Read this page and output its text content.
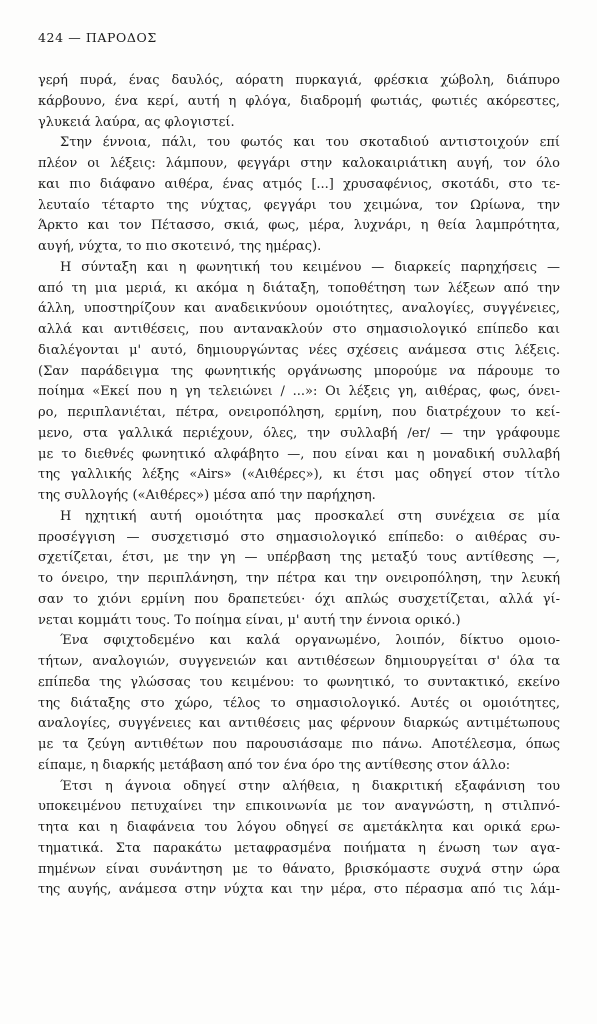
424 — ΠΑΡΟΔΟΣ
γερή πυρά, ένας δαυλός, αόρατη πυρκαγιά, φρέσκια χώβολη, διάπυρο
κάρβουνο, ένα κερί, αυτή η φλόγα, διαδρομή φωτιάς, φωτιές ακόρεστες,
γλυκειά λαύρα, ας φλογιστεί.
Στην έννοια, πάλι, του φωτός και του σκοταδιού αντιστοιχούν επί
πλέον οι λέξεις: λάμπουν, φεγγάρι στην καλοκαιριάτικη αυγή, τον όλο
και πιο διάφανο αιθέρα, ένας ατμός [...] χρυσαφένιος, σκοτάδι, στο τε-
λευταίο τέταρτο της νύχτας, φεγγάρι του χειμώνα, τον Ωρίωνα, την
Άρκτο και τον Πέτασσο, σκιά, φως, μέρα, λυχνάρι, η θεία λαμπρότητα,
αυγή, νύχτα, το πιο σκοτεινό, της ημέρας).
Η σύνταξη και η φωνητική του κειμένου — διαρκείς παρηχήσεις —
από τη μια μεριά, κι ακόμα η διάταξη, τοποθέτηση των λέξεων από την
άλλη, υποστηρίζουν και αναδεικνύουν ομοιότητες, αναλογίες, συγγένειες,
αλλά και αντιθέσεις, που αντανακλούν στο σημασιολογικό επίπεδο και
διαλέγονται μ' αυτό, δημιουργώντας νέες σχέσεις ανάμεσα στις λέξεις.
(Σαν παράδειγμα της φωνητικής οργάνωσης μπορούμε να πάρουμε το
ποίημα «Εκεί που η γη τελειώνει / ...»: Οι λέξεις γη, αιθέρας, φως, όνει-
ρο, περιπλανιέται, πέτρα, ονειροπόληση, ερμίνη, που διατρέχουν το κεί-
μενο, στα γαλλικά περιέχουν, όλες, την συλλαβή /er/ — την γράφουμε
με το διεθνές φωνητικό αλφάβητο —, που είναι και η μοναδική συλλαβή
της γαλλικής λέξης «Airs» («Αιθέρες»), κι έτσι μας οδηγεί στον τίτλο
της συλλογής («Αιθέρες») μέσα από την παρήχηση.
Η ηχητική αυτή ομοιότητα μας προσκαλεί στη συνέχεια σε μία
προσέγγιση — συσχετισμό στο σημασιολογικό επίπεδο: ο αιθέρας συ-
σχετίζεται, έτσι, με την γη — υπέρβαση της μεταξύ τους αντίθεσης —,
το όνειρο, την περιπλάνηση, την πέτρα και την ονειροπόληση, την λευκή
σαν το χιόνι ερμίνη που δραπετεύει· όχι απλώς συσχετίζεται, αλλά γί-
νεται κομμάτι τους. Το ποίημα είναι, μ' αυτή την έννοια ορικό.)
Ένα σφιχτοδεμένο και καλά οργανωμένο, λοιπόν, δίκτυο ομοιο-
τήτων, αναλογιών, συγγενειών και αντιθέσεων δημιουργείται σ' όλα τα
επίπεδα της γλώσσας του κειμένου: το φωνητικό, το συντακτικό, εκείνο
της διάταξης στο χώρο, τέλος το σημασιολογικό. Αυτές οι ομοιότητες,
αναλογίες, συγγένειες και αντιθέσεις μας φέρνουν διαρκώς αντιμέτωπους
με τα ζεύγη αντιθέτων που παρουσιάσαμε πιο πάνω. Αποτέλεσμα, όπως
είπαμε, η διαρκής μετάβαση από τον ένα όρο της αντίθεσης στον άλλο:
Έτσι η άγνοια οδηγεί στην αλήθεια, η διακριτική εξαφάνιση του
υποκειμένου πετυχαίνει την επικοινωνία με τον αναγνώστη, η στιλπνό-
τητα και η διαφάνεια του λόγου οδηγεί σε αμετάκλητα και ορικά ερω-
τηματικά. Στα παρακάτω μεταφρασμένα ποιήματα η ένωση των αγα-
πημένων είναι συνάντηση με το θάνατο, βρισκόμαστε συχνά στην ώρα
της αυγής, ανάμεσα στην νύχτα και την μέρα, στο πέρασμα από τις λάμ-
